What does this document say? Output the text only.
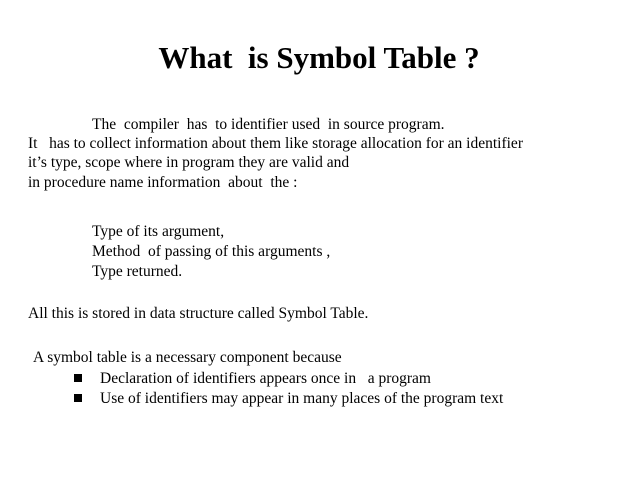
What  is Symbol Table ?
The  compiler  has  to identifier used  in source program.
It   has to collect information about them like storage allocation for an identifier
it’s type, scope where in program they are valid and
in procedure name information  about  the :
Type of its argument,
Method  of passing of this arguments ,
Type returned.
All this is stored in data structure called Symbol Table.
A symbol table is a necessary component because

Declaration of identifiers appears once in   a program

Use of identifiers may appear in many places of the program text
